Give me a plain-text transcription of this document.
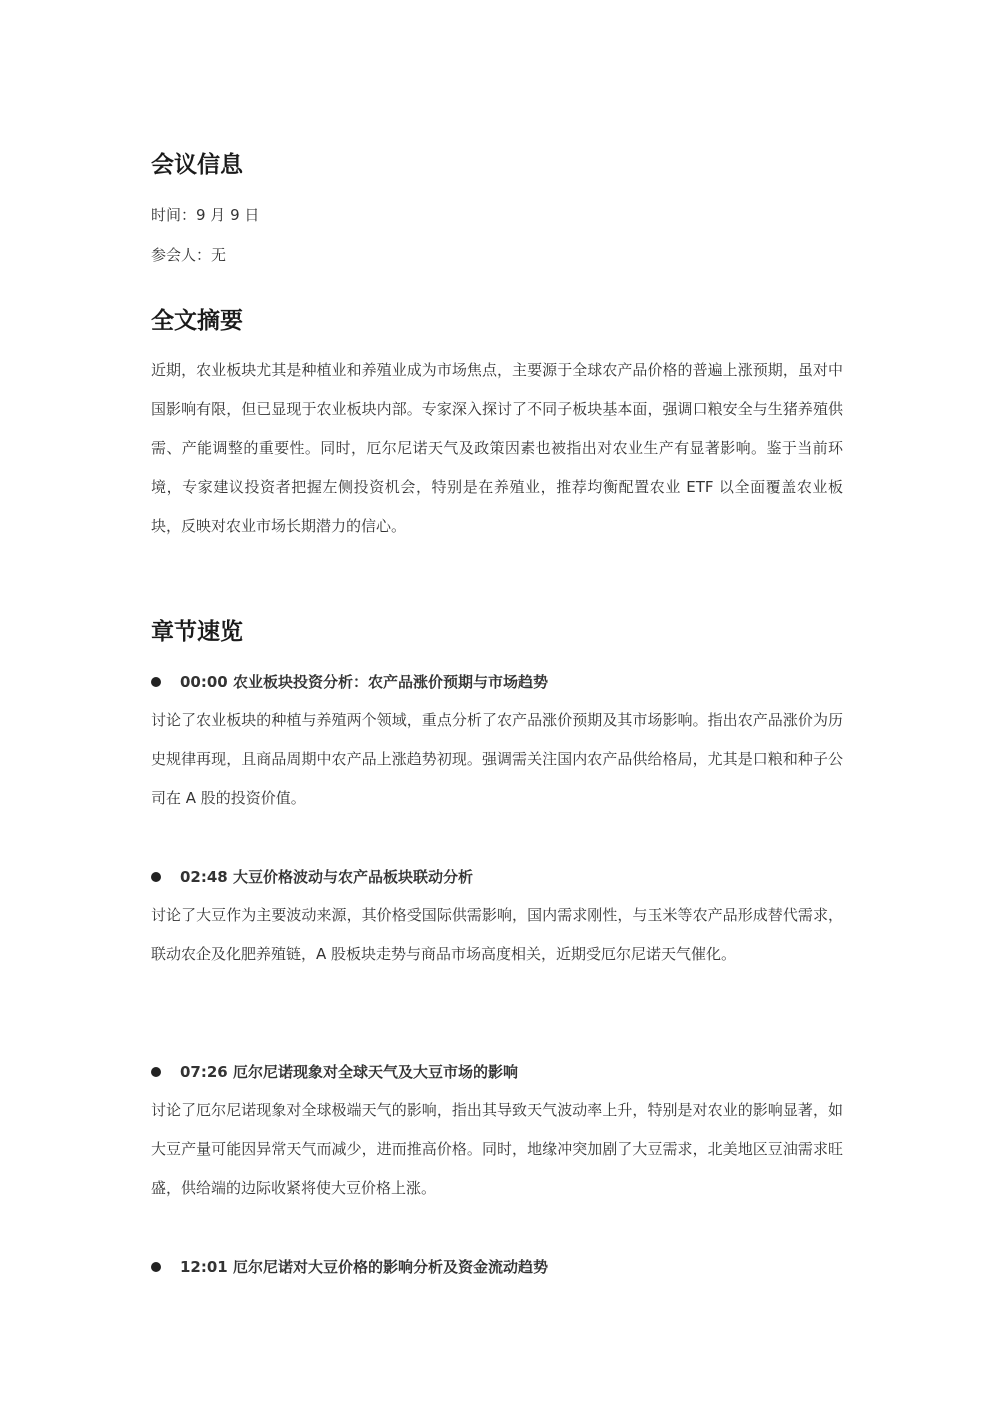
会议信息
时间：9 月 9 日
参会人：无
全文摘要
近期，农业板块尤其是种植业和养殖业成为市场焦点，主要源于全球农产品价格的普遍上涨预期，虽对中国影响有限，但已显现于农业板块内部。专家深入探讨了不同子板块基本面，强调口粮安全与生猪养殖供需、产能调整的重要性。同时，厄尔尼诺天气及政策因素也被指出对农业生产有显著影响。鉴于当前环境，专家建议投资者把握左侧投资机会，特别是在养殖业，推荐均衡配置农业 ETF 以全面覆盖农业板块，反映对农业市场长期潜力的信心。
章节速览
00:00 农业板块投资分析：农产品涨价预期与市场趋势
讨论了农业板块的种植与养殖两个领域，重点分析了农产品涨价预期及其市场影响。指出农产品涨价为历史规律再现，且商品周期中农产品上涨趋势初现。强调需关注国内农产品供给格局，尤其是口粮和种子公司在 A 股的投资价值。
02:48 大豆价格波动与农产品板块联动分析
讨论了大豆作为主要波动来源，其价格受国际供需影响，国内需求刚性，与玉米等农产品形成替代需求，联动农企及化肥养殖链，A 股板块走势与商品市场高度相关，近期受厄尔尼诺天气催化。
07:26 厄尔尼诺现象对全球天气及大豆市场的影响
讨论了厄尔尼诺现象对全球极端天气的影响，指出其导致天气波动率上升，特别是对农业的影响显著，如大豆产量可能因异常天气而减少，进而推高价格。同时，地缘冲突加剧了大豆需求，北美地区豆油需求旺盛，供给端的边际收紧将使大豆价格上涨。
12:01 厄尔尼诺对大豆价格的影响分析及资金流动趋势
